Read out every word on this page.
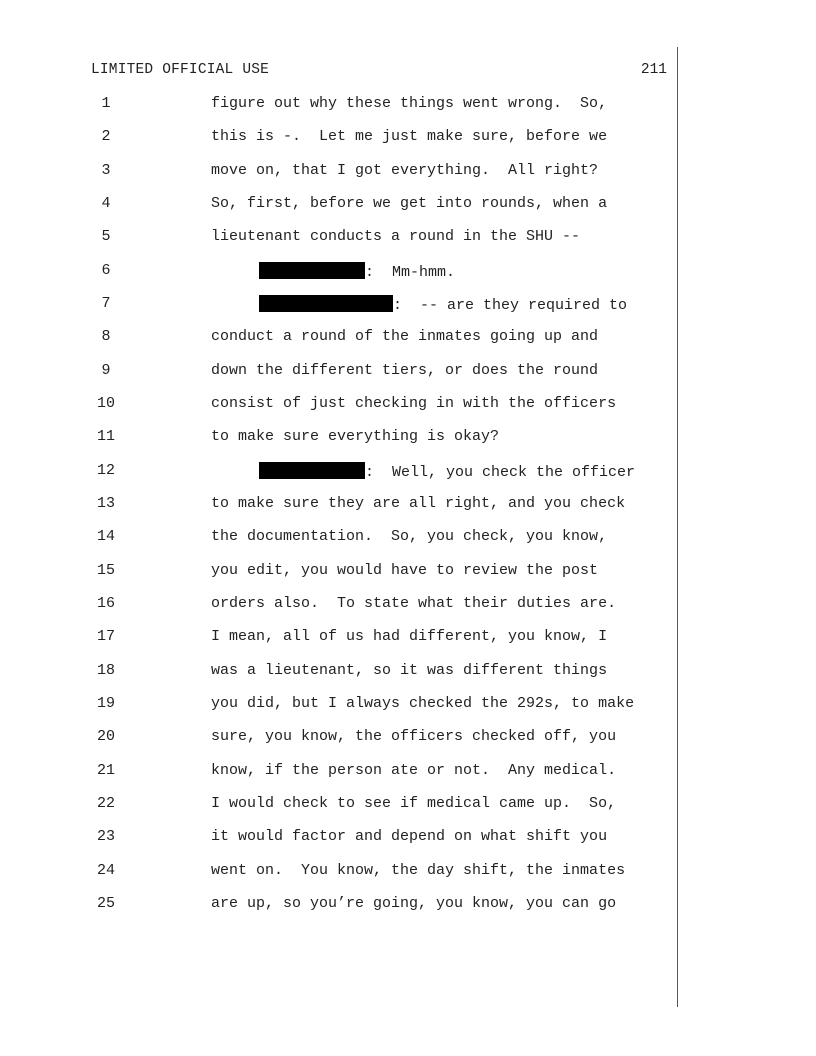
LIMITED OFFICIAL USE	211
1	figure out why these things went wrong.  So,
2	this is -.  Let me just make sure, before we
3	move on, that I got everything.  All right?
4	So, first, before we get into rounds, when a
5	lieutenant conducts a round in the SHU --
6	:  Mm-hmm.
7	:  -- are they required to
8	conduct a round of the inmates going up and
9	down the different tiers, or does the round
10	consist of just checking in with the officers
11	to make sure everything is okay?
12	:  Well, you check the officer
13	to make sure they are all right, and you check
14	the documentation.  So, you check, you know,
15	you edit, you would have to review the post
16	orders also.  To state what their duties are.
17	I mean, all of us had different, you know, I
18	was a lieutenant, so it was different things
19	you did, but I always checked the 292s, to make
20	sure, you know, the officers checked off, you
21	know, if the person ate or not.  Any medical.
22	I would check to see if medical came up.  So,
23	it would factor and depend on what shift you
24	went on.  You know, the day shift, the inmates
25	are up, so you’re going, you know, you can go
